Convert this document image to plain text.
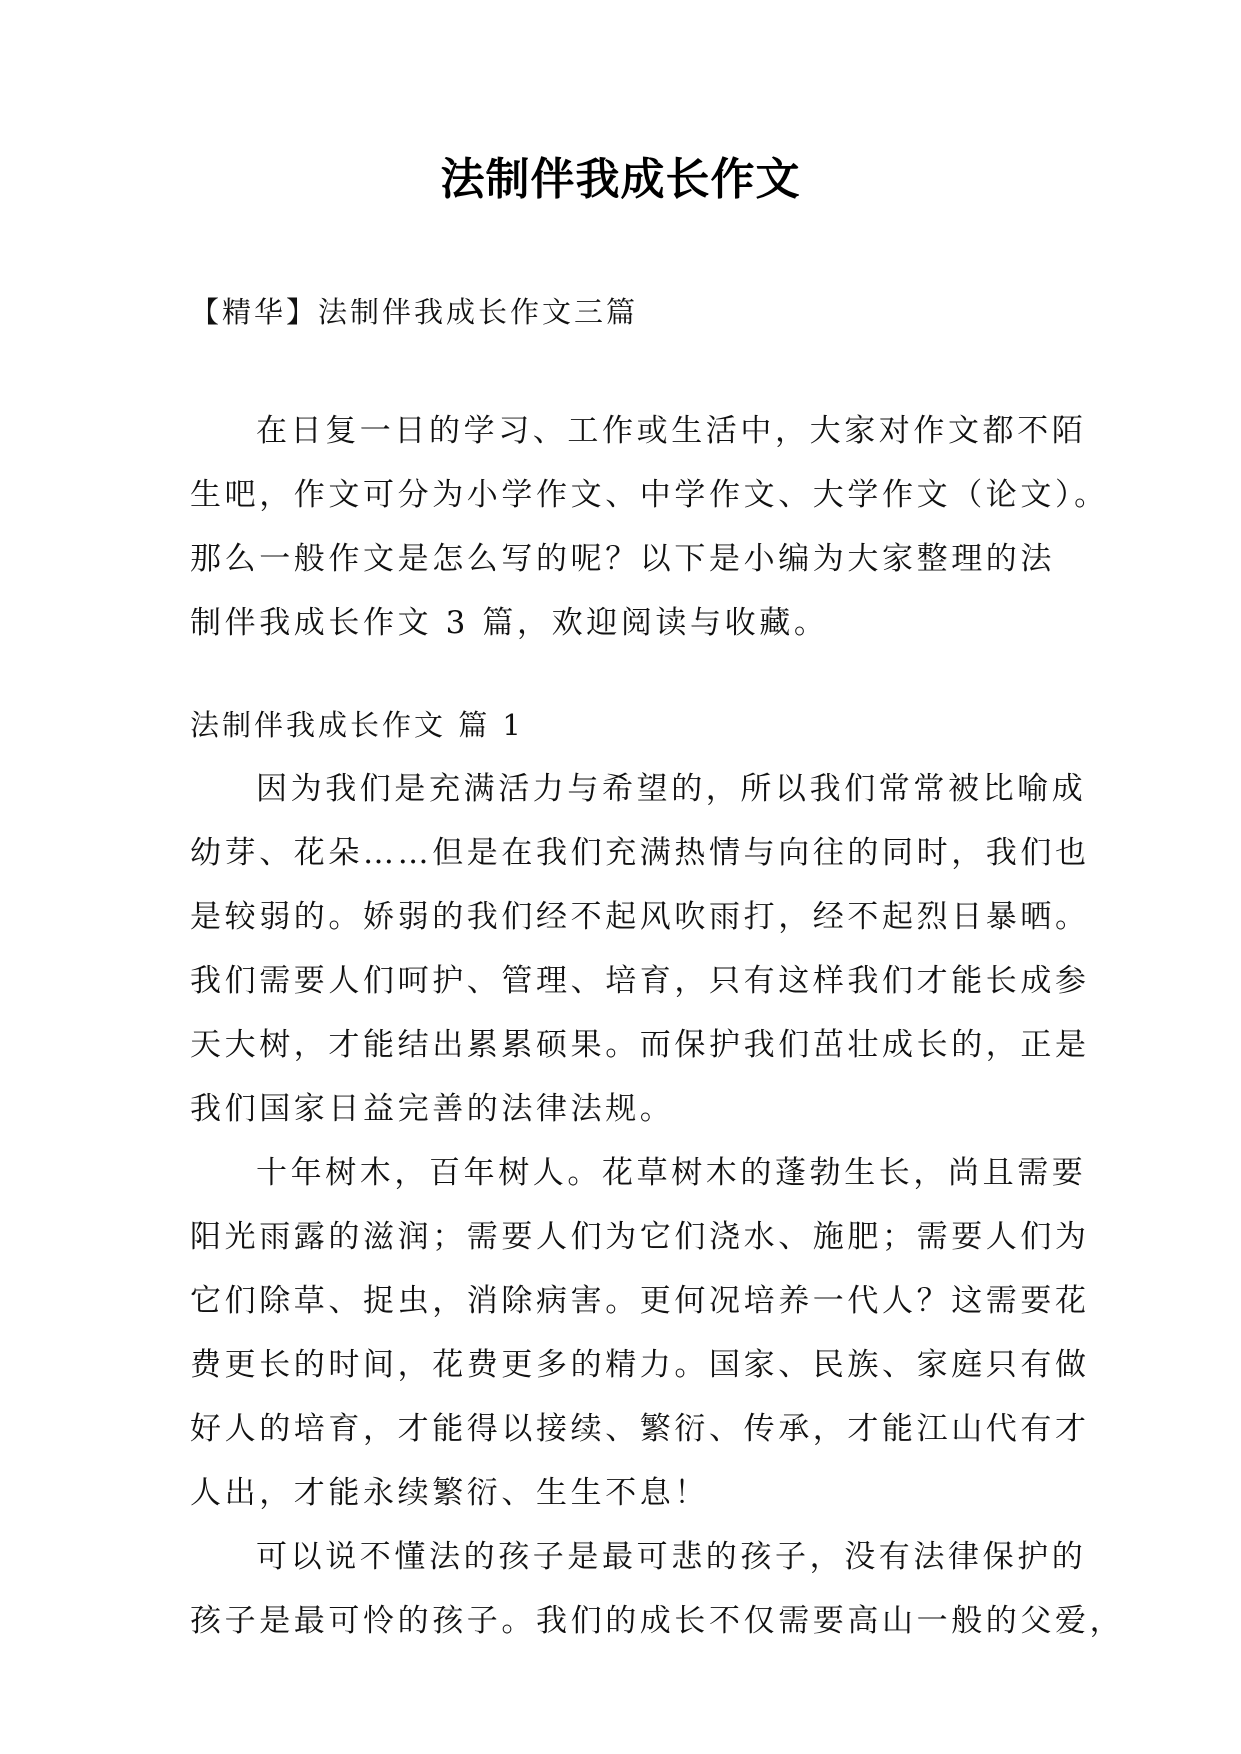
法制伴我成长作文
【精华】法制伴我成长作文三篇
在日复一日的学习、工作或生活中，大家对作文都不陌
生吧，作文可分为小学作文、中学作文、大学作文（论文）。
那么一般作文是怎么写的呢？以下是小编为大家整理的法
制伴我成长作文 3 篇，欢迎阅读与收藏。
法制伴我成长作文 篇 1
因为我们是充满活力与希望的，所以我们常常被比喻成
幼芽、花朵……但是在我们充满热情与向往的同时，我们也
是较弱的。娇弱的我们经不起风吹雨打，经不起烈日暴晒。
我们需要人们呵护、管理、培育，只有这样我们才能长成参
天大树，才能结出累累硕果。而保护我们茁壮成长的，正是
我们国家日益完善的法律法规。
十年树木，百年树人。花草树木的蓬勃生长，尚且需要
阳光雨露的滋润；需要人们为它们浇水、施肥；需要人们为
它们除草、捉虫，消除病害。更何况培养一代人？这需要花
费更长的时间，花费更多的精力。国家、民族、家庭只有做
好人的培育，才能得以接续、繁衍、传承，才能江山代有才
人出，才能永续繁衍、生生不息！
可以说不懂法的孩子是最可悲的孩子，没有法律保护的
孩子是最可怜的孩子。我们的成长不仅需要高山一般的父爱，
